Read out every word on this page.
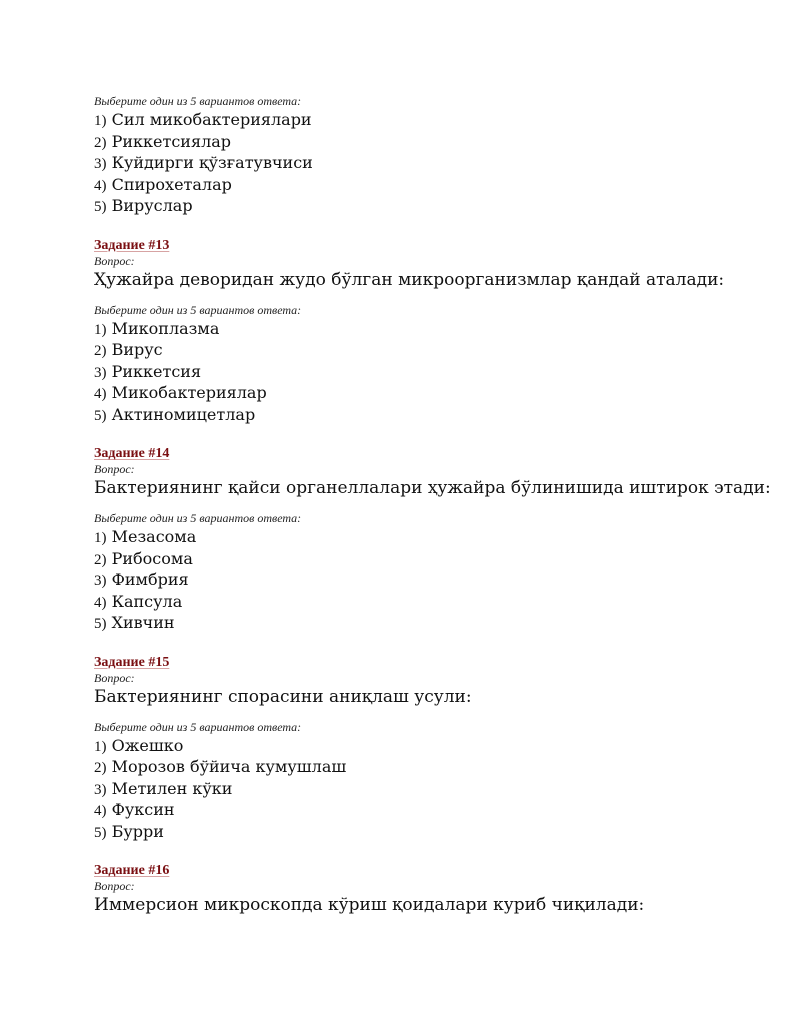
Выберите один из 5 вариантов ответа:
1) Сил микобактериялари
2) Риккетсиялар
3) Куйдирги қўзғатувчиси
4) Спирохеталар
5) Вируслар
Задание #13
Вопрос:
Ҳужайра деворидан жудо бўлган микроорганизмлар қандай аталади:
Выберите один из 5 вариантов ответа:
1) Микоплазма
2) Вирус
3) Риккетсия
4) Микобактериялар
5) Актиномицетлар
Задание #14
Вопрос:
Бактериянинг қайси органеллалари ҳужайра бўлинишида иштирок этади:
Выберите один из 5 вариантов ответа:
1) Мезасома
2) Рибосома
3) Фимбрия
4) Капсула
5) Хивчин
Задание #15
Вопрос:
Бактериянинг спорасини аниқлаш усули:
Выберите один из 5 вариантов ответа:
1) Ожешко
2) Морозов бўйича кумушлаш
3) Метилен кўки
4) Фуксин
5) Бурри
Задание #16
Вопрос:
Иммерсион микроскопда кўриш қоидалари куриб чиқилади:
